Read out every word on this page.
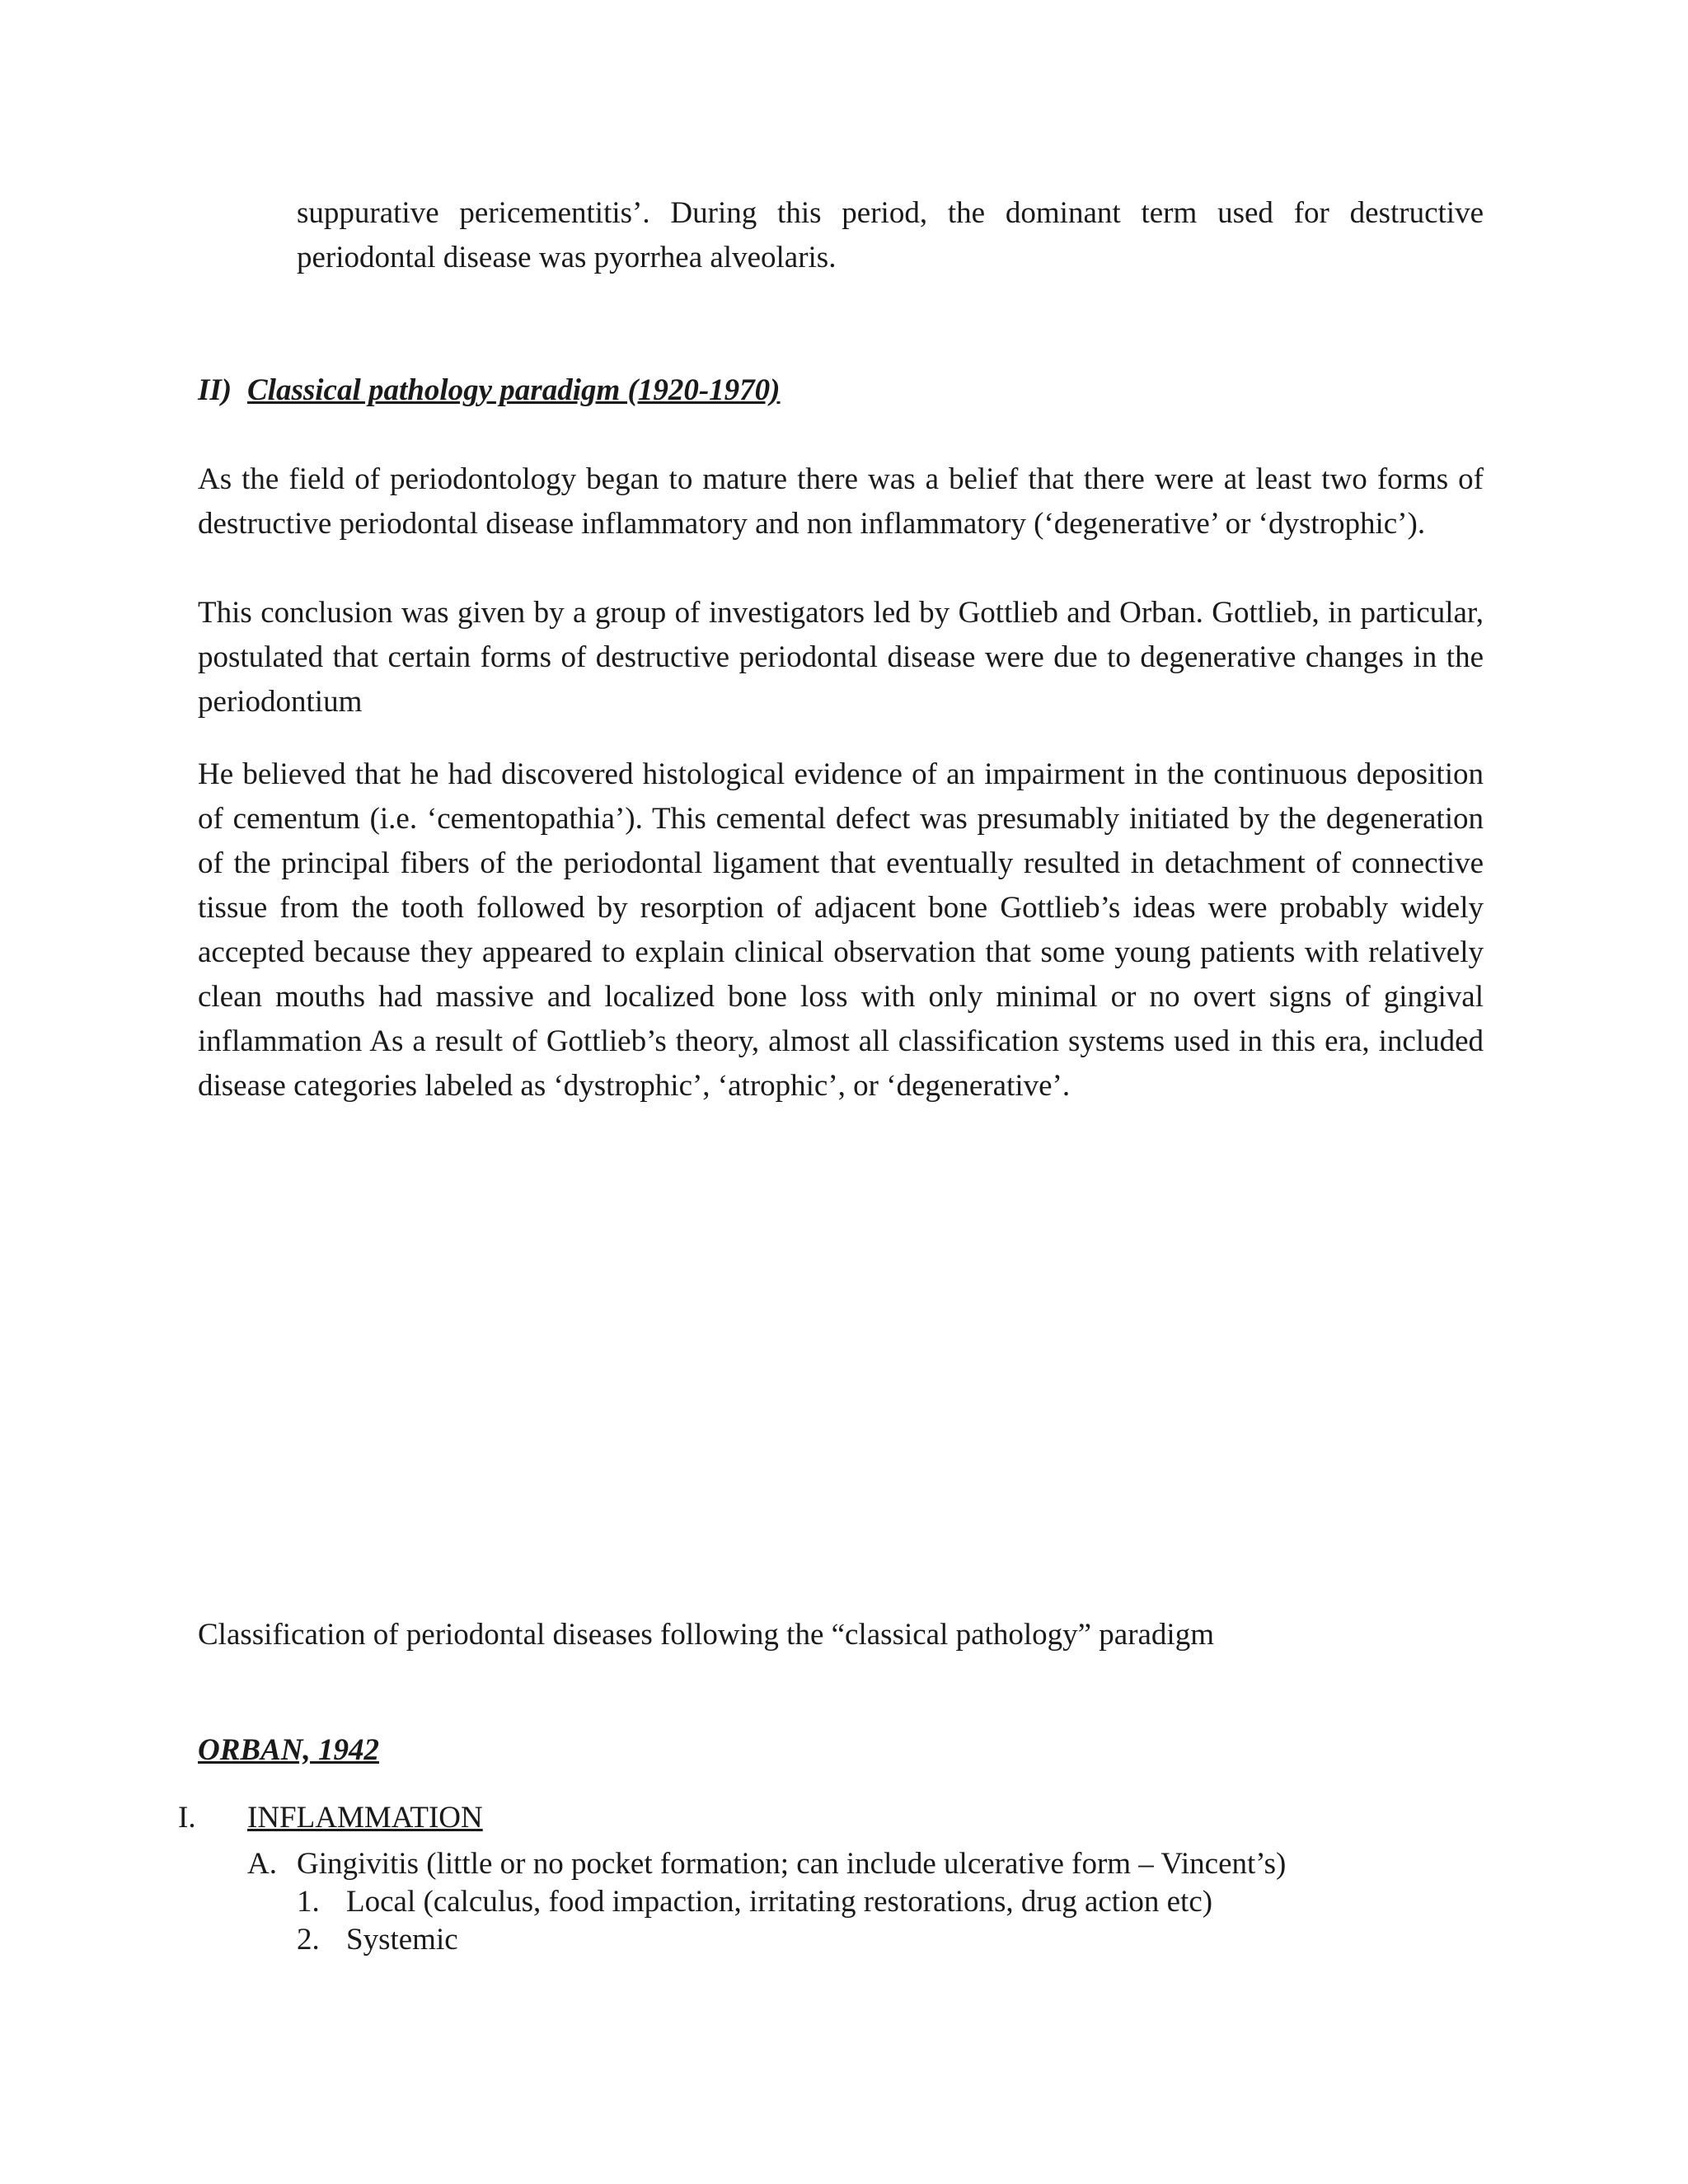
suppurative pericementitis’. During this period, the dominant term used for destructive periodontal disease was pyorrhea alveolaris.

II) Classical pathology paradigm (1920-1970)

As the field of periodontology began to mature there was a belief that there were at least two forms of destructive periodontal disease inflammatory and non inflammatory (‘degenerative’ or ‘dystrophic’).

This conclusion was given by a group of investigators led by Gottlieb and Orban. Gottlieb, in particular, postulated that certain forms of destructive periodontal disease were due to degenerative changes in the periodontium

He believed that he had discovered histological evidence of an impairment in the continuous deposition of cementum (i.e. ‘cementopathia’). This cemental defect was presumably initiated by the degeneration of the principal fibers of the periodontal ligament that eventually resulted in detachment of connective tissue from the tooth followed by resorption of adjacent bone Gottlieb’s ideas were probably widely accepted because they appeared to explain clinical observation that some young patients with relatively clean mouths had massive and localized bone loss with only minimal or no overt signs of gingival inflammation As a result of Gottlieb’s theory, almost all classification systems used in this era, included disease categories labeled as ‘dystrophic’, ‘atrophic’, or ‘degenerative’.

Classification of periodontal diseases following the “classical pathology” paradigm
ORBAN, 1942
I. INFLAMMATION
A. Gingivitis (little or no pocket formation; can include ulcerative form – Vincent’s)
1. Local (calculus, food impaction, irritating restorations, drug action etc)
2. Systemic
